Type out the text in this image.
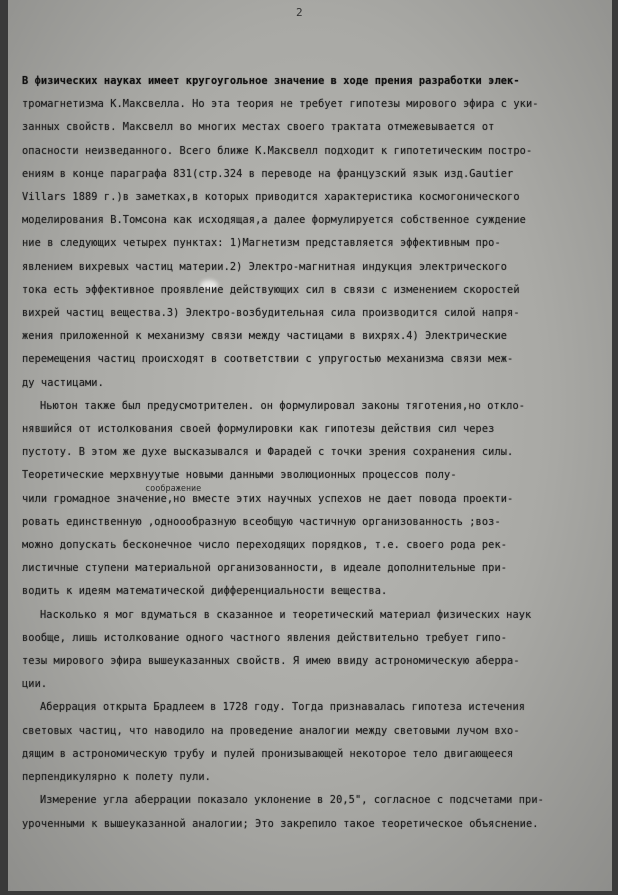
2
соображениe
В физических науках имеет кругоугольное значение в ходе прения разработки элек-
тромагнетизма К.Максвелла. Но эта теория не требует гипотезы мирового эфира с уки-
занных свойств. Максвелл во многих местах своего трактата отмежевывается от
опасности неизведанного. Всего ближе К.Максвелл подходит к гипотетическим постро-
ениям в конце параграфа 831(стр.324 в переводе на французский язык изд.Gautier
Villars 1889 г.)в заметках,в которых приводится характеристика космогонического
моделирования В.Томсона как исходящая,а далее формулируется собственное суждение
ние в следующих четырех пунктах: 1)Магнетизм представляется эффективным про-
явлением вихревых частиц материи.2) Электро-магнитная индукция электрического
тока есть эффективное проявление действующих сил в связи с изменением скоростей
вихрей частиц вещества.3) Электро-возбудительная сила производится силой напря-
жения приложенной к механизму связи между частицами в вихрях.4) Электрические
перемещения частиц происходят в соответствии с упругостью механизма связи меж-
ду частицами.
Ньютон также был предусмотрителен. он формулировал законы тяготения,но откло-
нявшийся от истолкования своей формулировки как гипотезы действия сил через
пустоту. В этом же духе высказывался и Фарадей с точки зрения сохранения силы.
Теоретические мерхвнуутые новыми данными эволюционных процессов полу-
чили громадное значение,но вместе этих научных успехов не дает повода проекти-
ровать единственную ,одноообразную всеобщую частичную организованность ;воз-
можно допускать бесконечное число переходящих порядков, т.е. своего рода рек-
листичные ступени материальной организованности, в идеале дополнительные при-
водить к идеям математической дифференциальности вещества.
Насколько я мог вдуматься в сказанное и теоретический материал физических наук
вообще, лишь истолкование одного частного явления действительно требует гипо-
тезы мирового эфира вышеуказанных свойств. Я имею ввиду астрономическую аберра-
ции.
Аберрация открыта Брадлеем в 1728 году. Тогда признавалась гипотеза истечения
световых частиц, что наводило на проведение аналогии между световыми лучом вхо-
дящим в астрономическую трубу и пулей пронизывающей некоторое тело двигающееся
перпендикулярно к полету пули.
Измерение угла аберрации показало уклонение в 20,5", согласное с подсчетами при-
уроченными к вышеуказанной аналогии; Это закрепило такое теоретическое объяснение.
